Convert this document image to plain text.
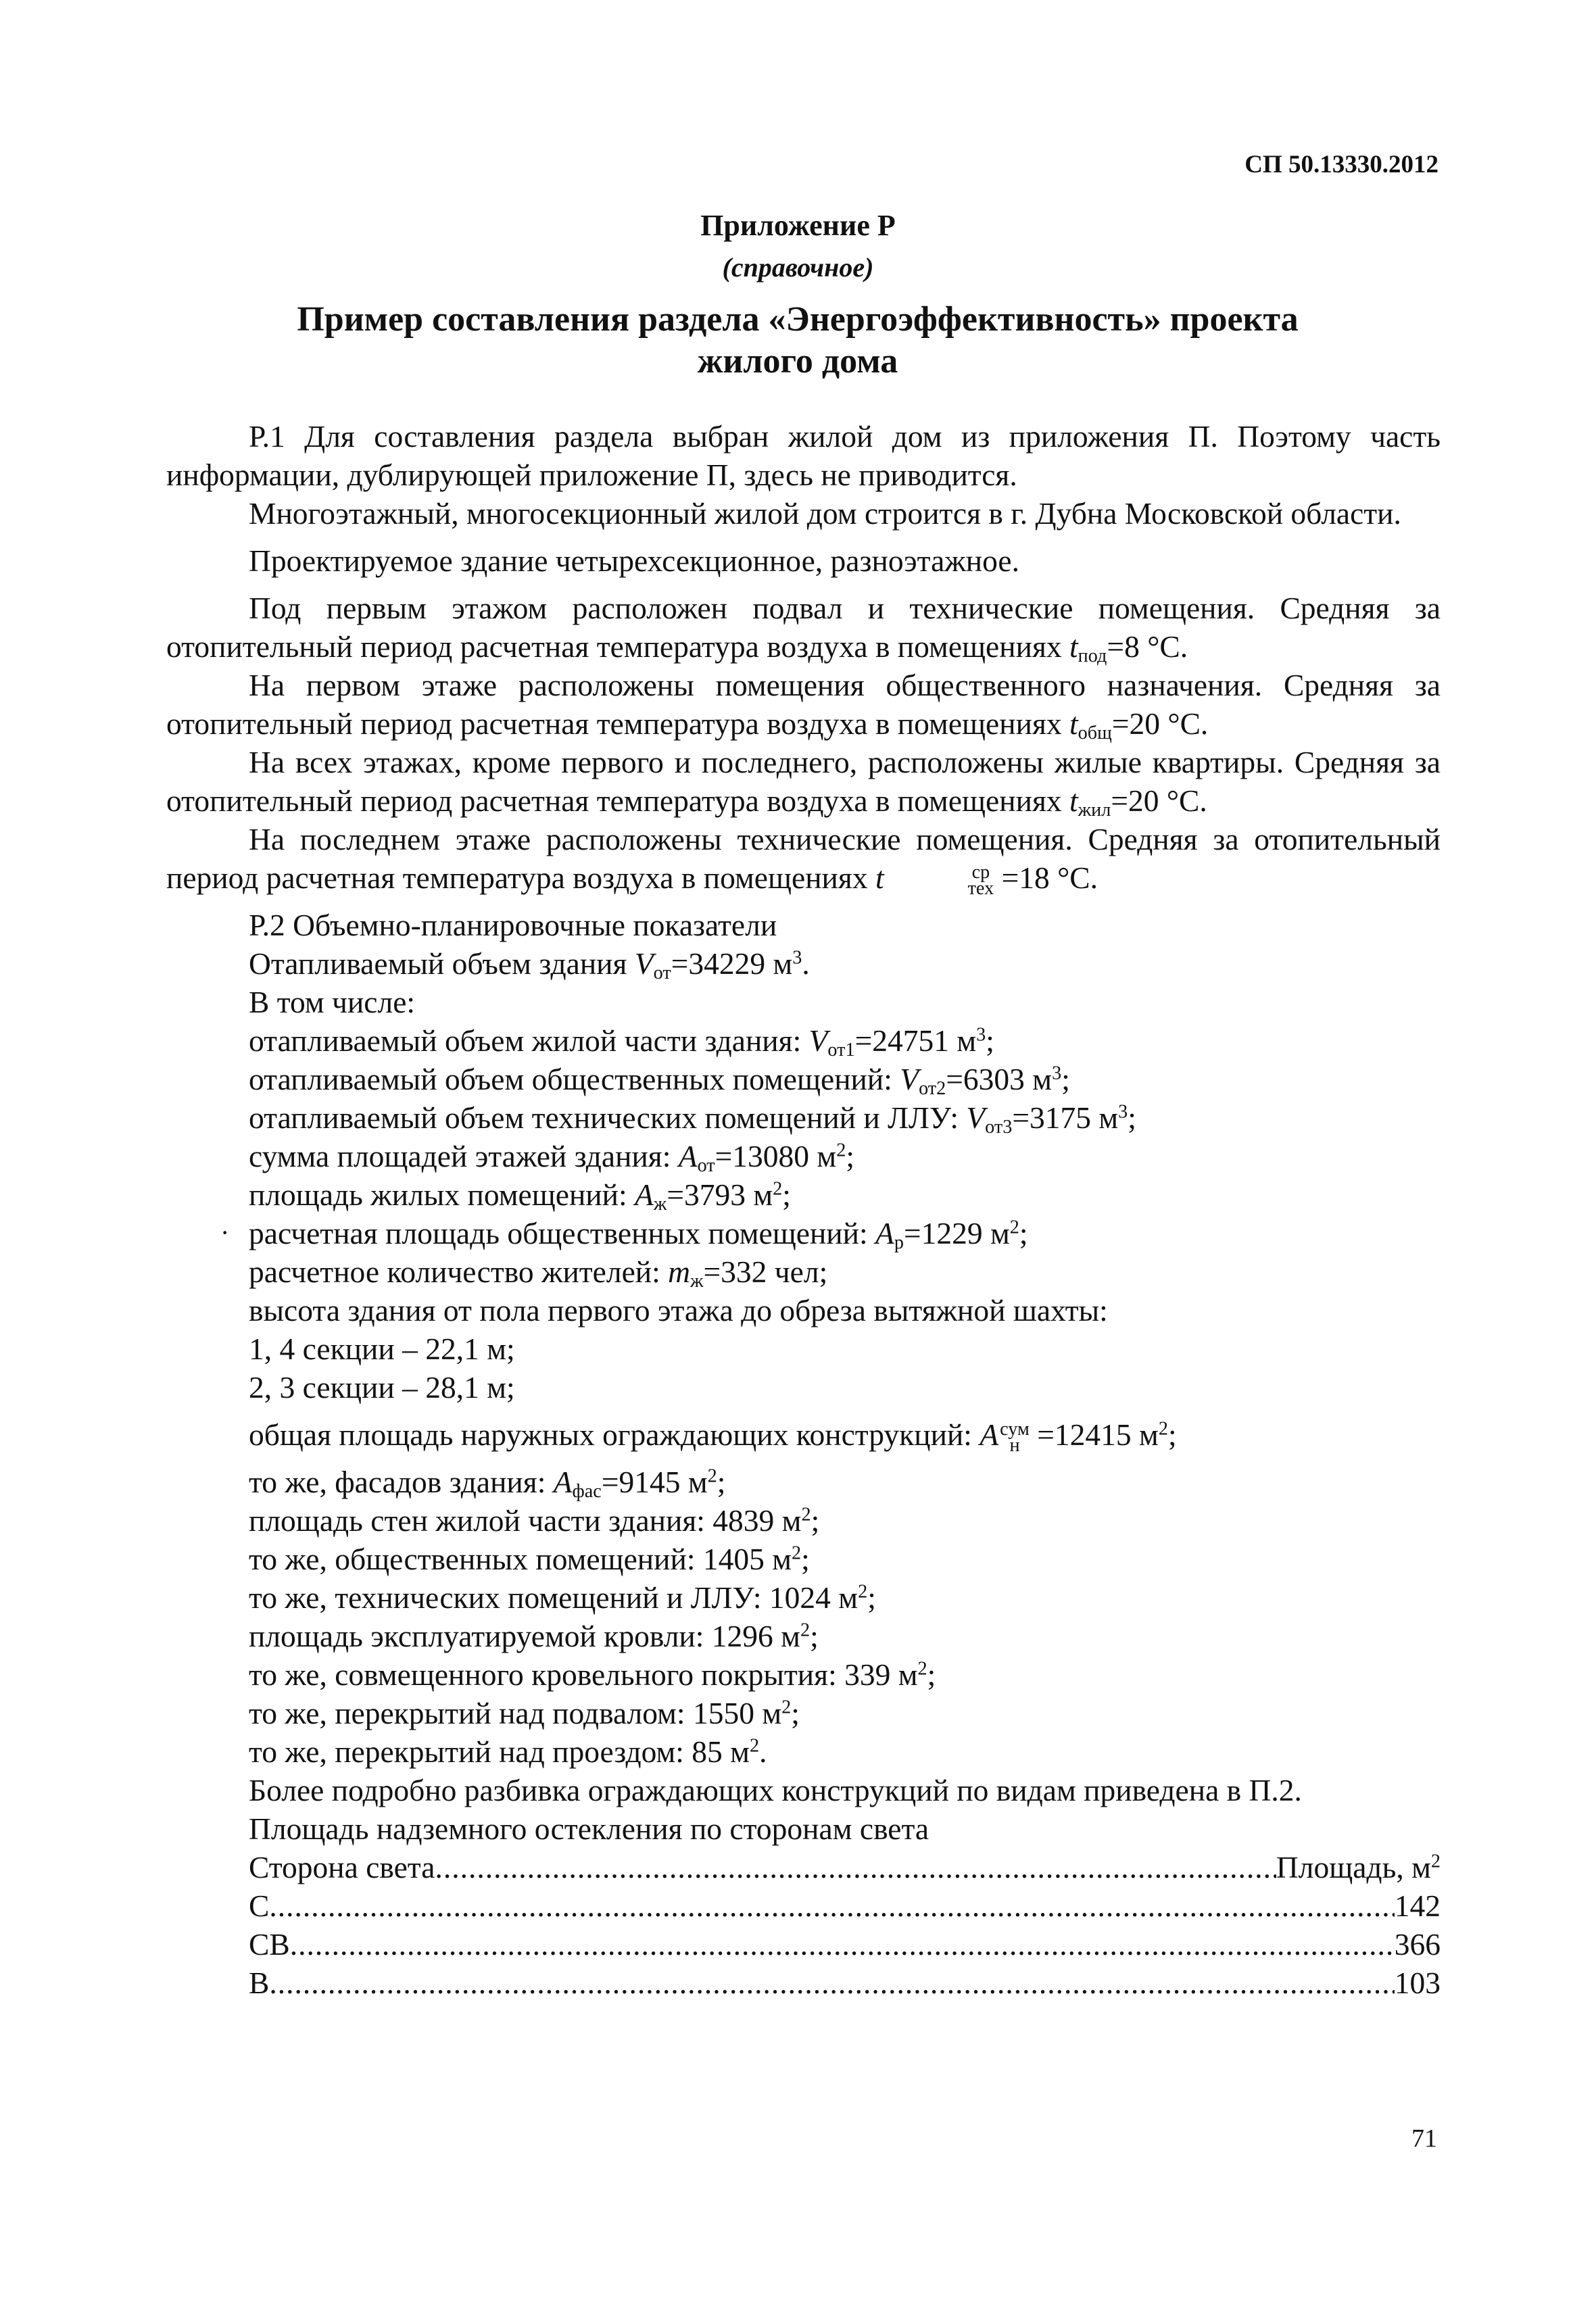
СП 50.13330.2012
Приложение Р
(справочное)
Пример составления раздела «Энергоэффективность» проекта жилого дома

Р.1 Для составления раздела выбран жилой дом из приложения П. Поэтому часть информации, дублирующей приложение П, здесь не приводится.

Многоэтажный, многосекционный жилой дом строится в г. Дубна Московской области.

Проектируемое здание четырехсекционное, разноэтажное.

Под первым этажом расположен подвал и технические помещения. Средняя за отопительный период расчетная температура воздуха в помещениях $t_{под}=8$ °С.

На первом этаже расположены помещения общественного назначения. Средняя за отопительный период расчетная температура воздуха в помещениях $t_{общ}=20$ °С.

На всех этажах, кроме первого и последнего, расположены жилые квартиры. Средняя за отопительный период расчетная температура воздуха в помещениях $t_{жил}=20$ °С.

На последнем этаже расположены технические помещения. Средняя за отопительный период расчетная температура воздуха в помещениях t	ср
тех =18 °С.

Р.2 Объемно-планировочные показатели
Отапливаемый объем здания $V_{от}=34229$ $м^3$.
В том числе:
отапливаемый объем жилой части здания: $V_{от1}=24751$ $м^3$;
отапливаемый объем общественных помещений: $V_{от2}=6303$ $м^3$;
отапливаемый объем технических помещений и ЛЛУ: $V_{от3}=3175$ $м^3$;
сумма площадей этажей здания: $A_{от}=13080$ $м^2$;
площадь жилых помещений: $A_ж=3793$ $м^2$;
расчетная площадь общественных помещений: $A_р=1229$ $м^2$;
расчетное количество жителей: $m_ж=332$ чел;
высота здания от пола первого этажа до обреза вытяжной шахты:
1, 4 секции – 22,1 м;
2, 3 секции – 28,1 м;
общая площадь наружных ограждающих конструкций: A сум
н =12415 $м^2$;
то же, фасадов здания: $A_{фас}=9145$ $м^2$;
площадь стен жилой части здания: 4839 $м^2$;
то же, общественных помещений: 1405 $м^2$;
то же, технических помещений и ЛЛУ: 1024 $м^2$;
площадь эксплуатируемой кровли: 1296 $м^2$;
то же, совмещенного кровельного покрытия: 339 $м^2$;
то же, перекрытий над подвалом: 1550 $м^2$;
то же, перекрытий над проездом: 85 $м^2$.
Более подробно разбивка ограждающих конструкций по видам приведена в П.2.
Площадь надземного остекления по сторонам света
Сторона света .....	Площадь, $м^2$
С .....	142
СВ .....	366
В .....	103
·
71
